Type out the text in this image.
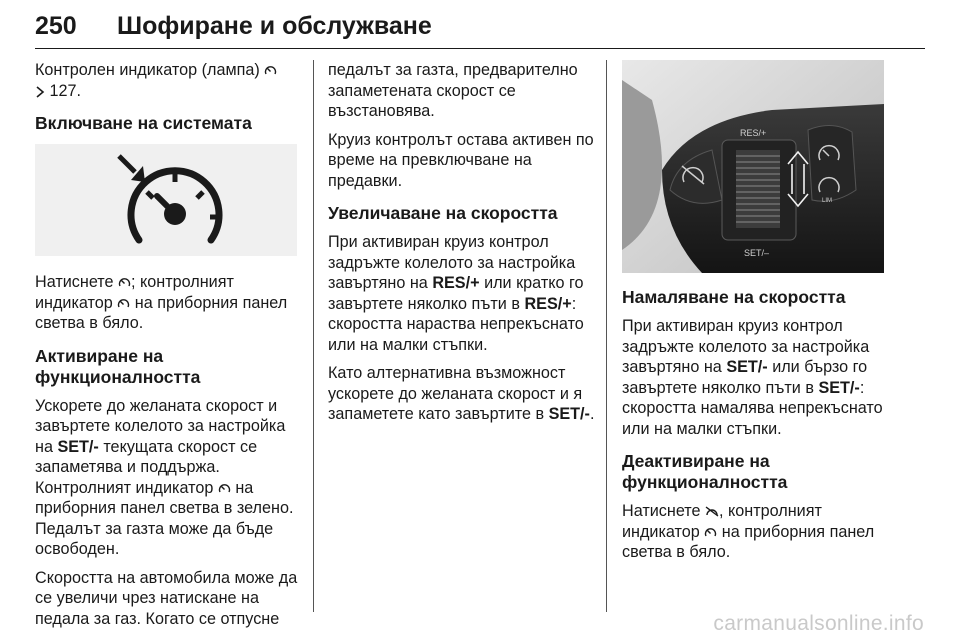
250 Шофиране и обслужване

Контролен индикатор (лампа)
127.

Включване на системата

Натиснете ; контролният
индикатор на приборния панел
светва в бяло.

Активиране на функционалността

Ускорете до желаната скорост и завъртете колелото за настройка на SET/- текущата скорост се запаметява и поддържа. Контролният индикатор на приборния панел светва в зелено. Педалът за газта може да бъде освободен.

Скоростта на автомобила може да се увеличи чрез натискане на педала за газ. Когато се отпусне

педалът за газта, предварително запаметената скорост се възстановява.

Круиз контролът остава активен по време на превключване на предавки.

Увеличаване на скоростта

При активиран круиз контрол задръжте колелото за настройка завъртяно на RES/+ или кратко го завъртете няколко пъти в RES/+: скоростта нараства непрекъснато или на малки стъпки.

Като алтернативна възможност ускорете до желаната скорост и я запаметете като завъртите в SET/-.

RES/+
SET/–
LIM
Намаляване на скоростта

При активиран круиз контрол задръжте колелото за настройка завъртяно на SET/- или бързо го завъртете няколко пъти в SET/-: скоростта намалява непрекъснато или на малки стъпки.

Деактивиране на функционалността

Натиснете , контролният индикатор на приборния панел светва в бяло.

carmanualsonline.info
